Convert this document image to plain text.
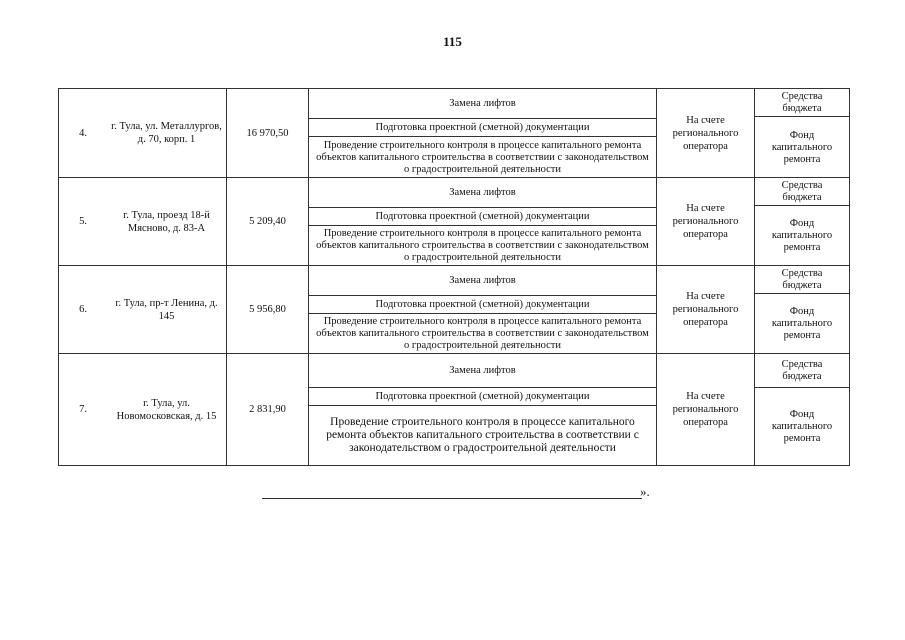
115
4.
г. Тула, ул. Металлургов, д. 70, корп. 1
16 970,50
Замена лифтов
Подготовка проектной (сметной) документации
Проведение строительного контроля в процессе капитального ремонта объектов капитального строительства в соответствии с законодательством о градостроительной деятельности
На счете регионального оператора
Средства бюджета
Фонд капитального ремонта
5.
г. Тула, проезд 18-й Мясново, д. 83-А
5 209,40
Замена лифтов
Подготовка проектной (сметной) документации
Проведение строительного контроля в процессе капитального ремонта объектов капитального строительства в соответствии с законодательством о градостроительной деятельности
На счете регионального оператора
Средства бюджета
Фонд капитального ремонта
6.
г. Тула, пр-т Ленина, д. 145
5 956,80
Замена лифтов
Подготовка проектной (сметной) документации
Проведение строительного контроля в процессе капитального ремонта объектов капитального строительства в соответствии с законодательством о градостроительной деятельности
На счете регионального оператора
Средства бюджета
Фонд капитального ремонта
7.
г. Тула, ул. Новомосковская, д. 15
2 831,90
Замена лифтов
Подготовка проектной (сметной) документации
Проведение строительного контроля в процессе капитального ремонта объектов капитального строительства в соответствии с законодательством о градостроительной деятельности
На счете регионального оператора
Средства бюджета
Фонд капитального ремонта
».
